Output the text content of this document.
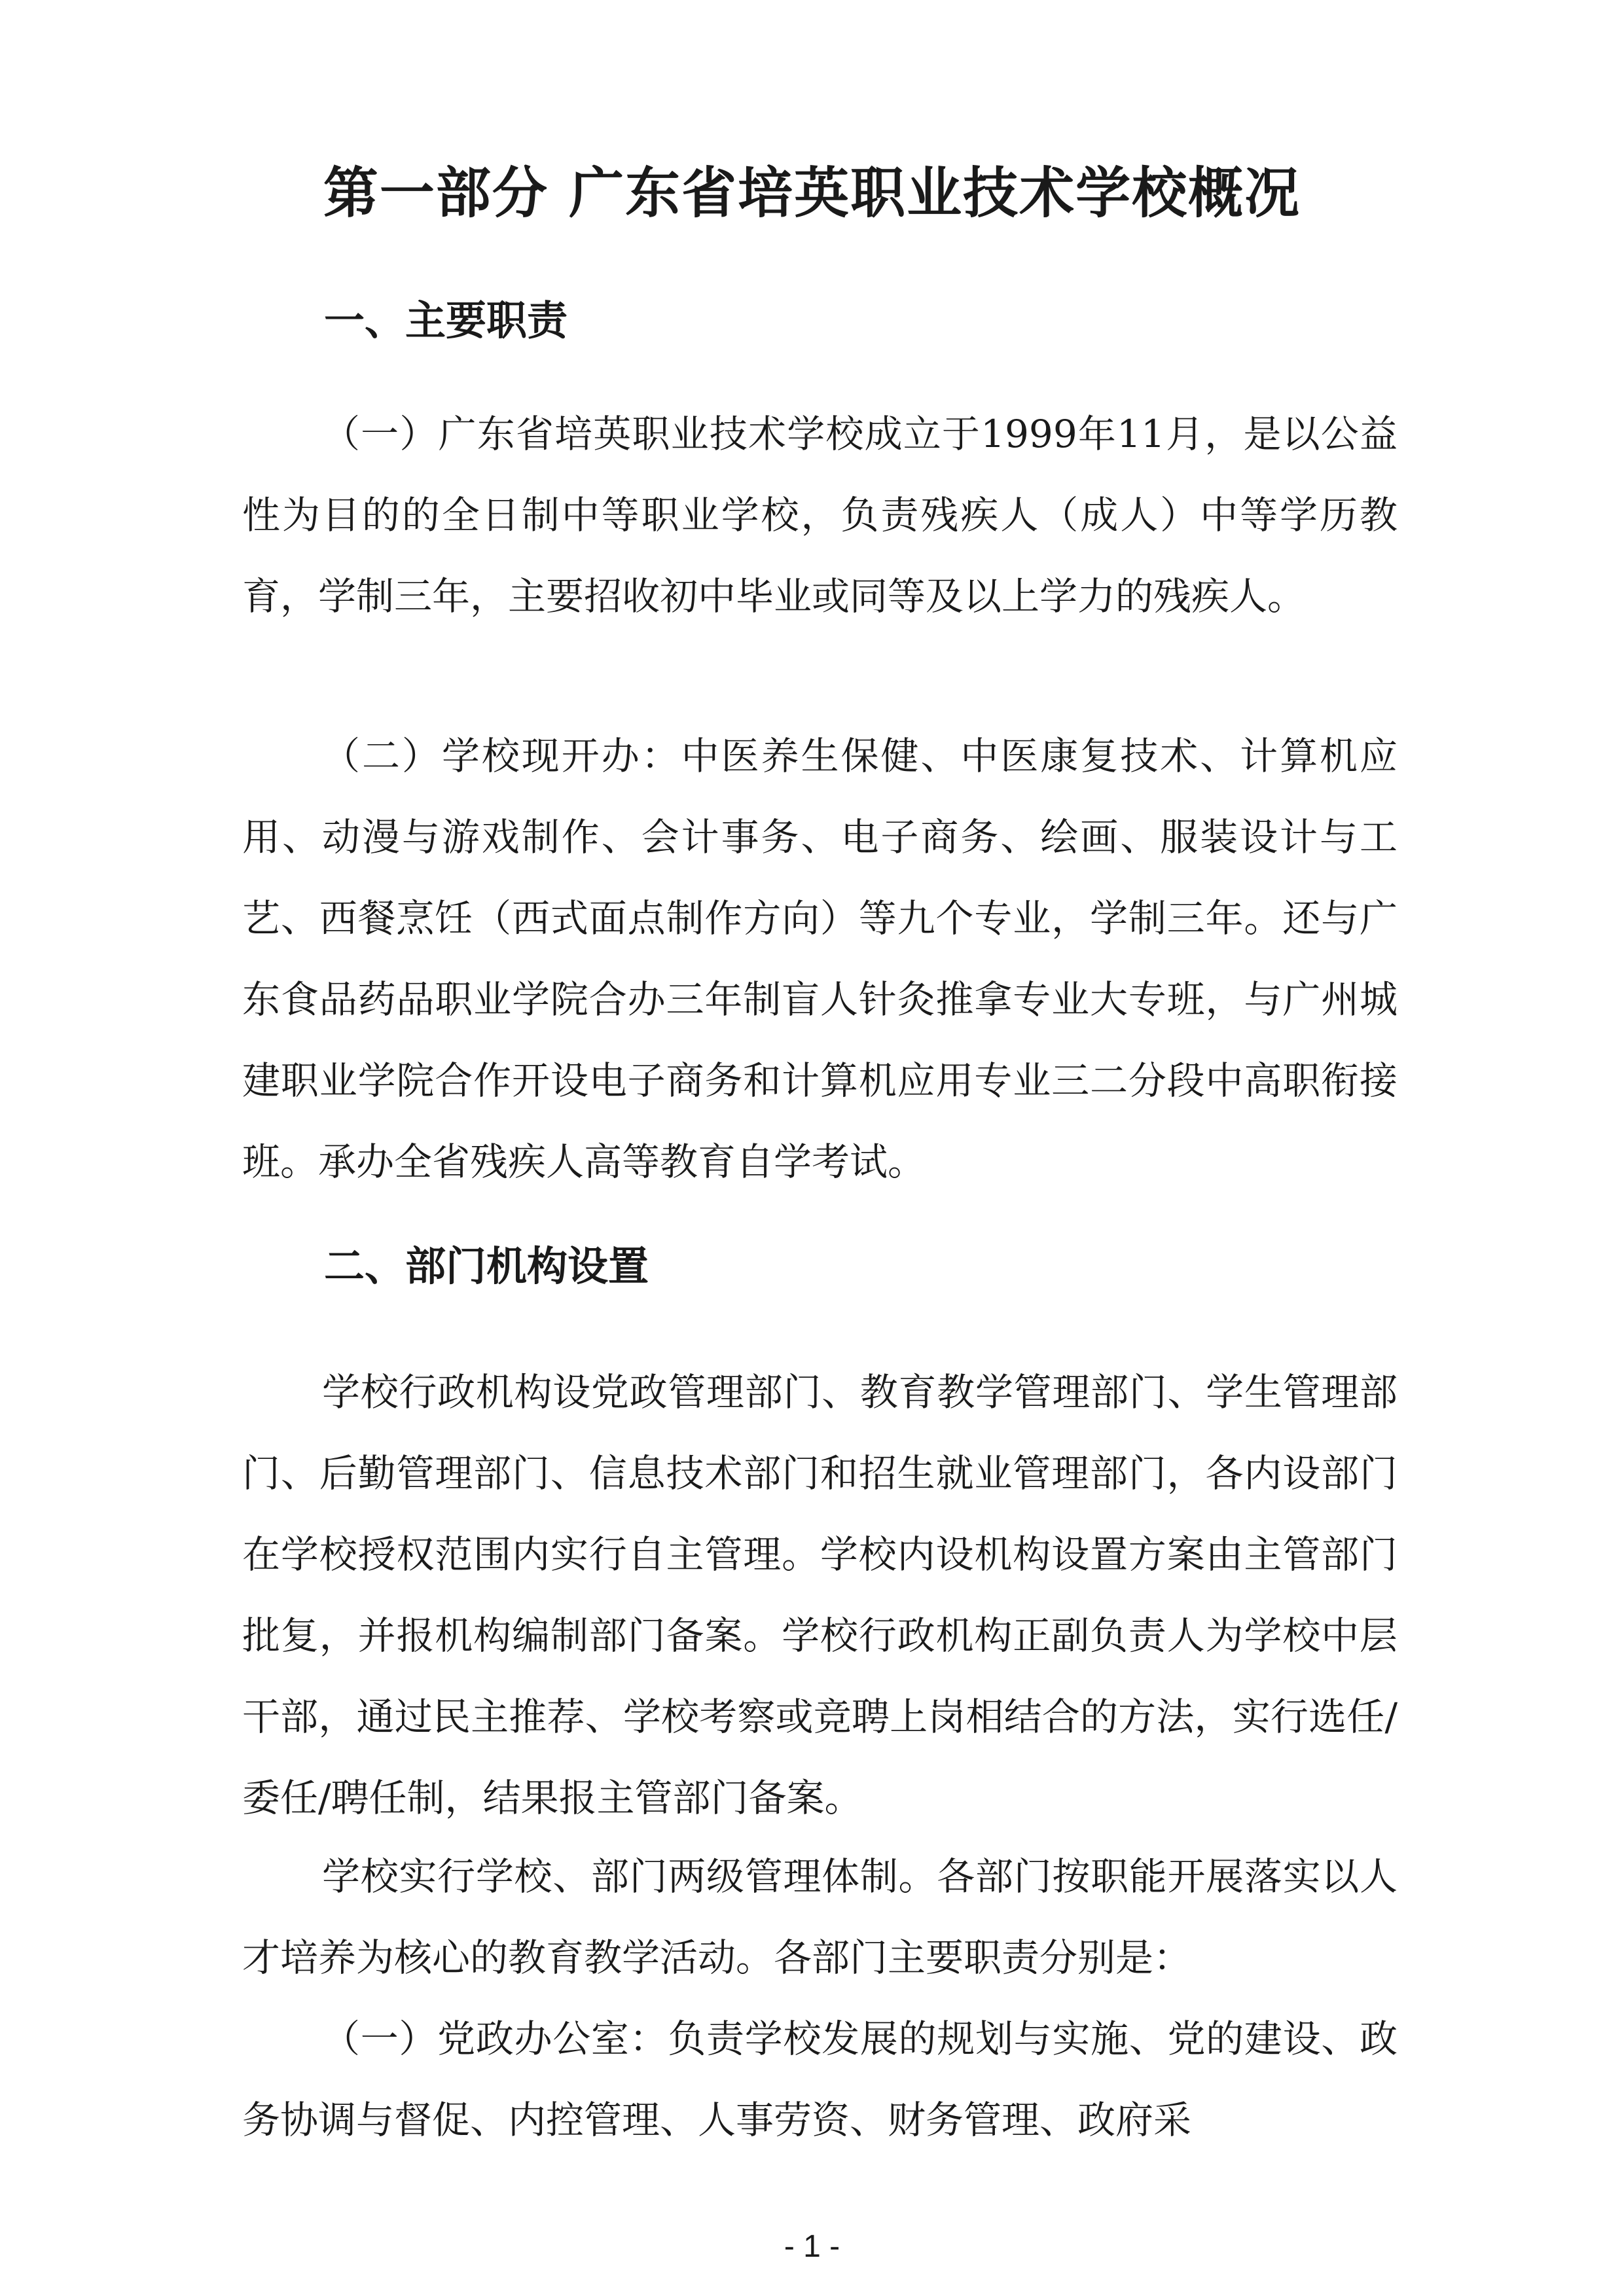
第一部分 广东省培英职业技术学校概况
一、主要职责

（一）广东省培英职业技术学校成立于1999年11月，是以公益性为目的的全日制中等职业学校，负责残疾人（成人）中等学历教育，学制三年，主要招收初中毕业或同等及以上学力的残疾人。

（二）学校现开办：中医养生保健、中医康复技术、计算机应用、动漫与游戏制作、会计事务、电子商务、绘画、服装设计与工艺、西餐烹饪（西式面点制作方向）等九个专业，学制三年。还与广东食品药品职业学院合办三年制盲人针灸推拿专业大专班，与广州城建职业学院合作开设电子商务和计算机应用专业三二分段中高职衔接班。承办全省残疾人高等教育自学考试。

二、部门机构设置

学校行政机构设党政管理部门、教育教学管理部门、学生管理部门、后勤管理部门、信息技术部门和招生就业管理部门，各内设部门在学校授权范围内实行自主管理。学校内设机构设置方案由主管部门批复，并报机构编制部门备案。学校行政机构正副负责人为学校中层干部，通过民主推荐、学校考察或竞聘上岗相结合的方法，实行选任/委任/聘任制，结果报主管部门备案。

学校实行学校、部门两级管理体制。各部门按职能开展落实以人才培养为核心的教育教学活动。各部门主要职责分别是：

（一）党政办公室：负责学校发展的规划与实施、党的建设、政务协调与督促、内控管理、人事劳资、财务管理、政府采

- 1 -
